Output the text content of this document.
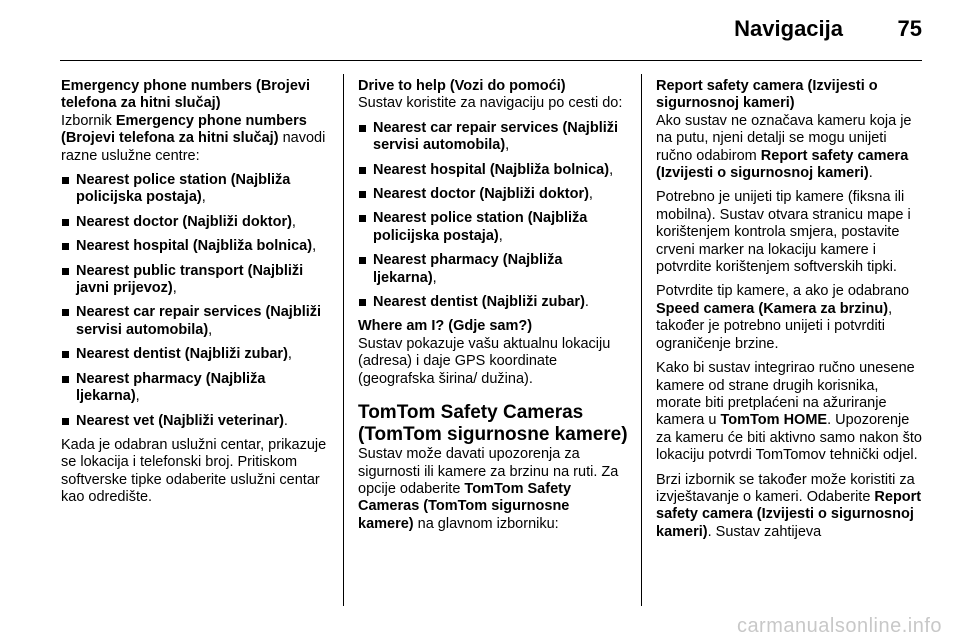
Navigacija 75
Emergency phone numbers (Brojevi telefona za hitni slučaj)

Izbornik Emergency phone numbers (Brojevi telefona za hitni slučaj) navodi razne uslužne centre:

Nearest police station (Najbliža policijska postaja),
Nearest doctor (Najbliži doktor),
Nearest hospital (Najbliža bolnica),
Nearest public transport (Najbliži javni prijevoz),
Nearest car repair services (Najbliži servisi automobila),
Nearest dentist (Najbliži zubar),
Nearest pharmacy (Najbliža ljekarna),
Nearest vet (Najbliži veterinar).

Kada je odabran uslužni centar, prikazuje se lokacija i telefonski broj. Pritiskom softverske tipke odaberite uslužni centar kao odredište.

Drive to help (Vozi do pomoći)

Sustav koristite za navigaciju po cesti do:

Nearest car repair services (Najbliži servisi automobila),
Nearest hospital (Najbliža bolnica),
Nearest doctor (Najbliži doktor),
Nearest police station (Najbliža policijska postaja),
Nearest pharmacy (Najbliža ljekarna),
Nearest dentist (Najbliži zubar).
Where am I? (Gdje sam?)

Sustav pokazuje vašu aktualnu lokaciju (adresa) i daje GPS koordinate (geografska širina/ dužina).

TomTom Safety Cameras (TomTom sigurnosne kamere)

Sustav može davati upozorenja za sigurnosti ili kamere za brzinu na ruti. Za opcije odaberite TomTom Safety Cameras (TomTom sigurnosne kamere) na glavnom izborniku:

Report safety camera (Izvijesti o sigurnosnoj kameri)

Ako sustav ne označava kameru koja je na putu, njeni detalji se mogu unijeti ručno odabirom Report safety camera (Izvijesti o sigurnosnoj kameri).

Potrebno je unijeti tip kamere (fiksna ili mobilna). Sustav otvara stranicu mape i korištenjem kontrola smjera, postavite crveni marker na lokaciju kamere i potvrdite korištenjem softverskih tipki.

Potvrdite tip kamere, a ako je odabrano Speed camera (Kamera za brzinu), također je potrebno unijeti i potvrditi ograničenje brzine.

Kako bi sustav integrirao ručno unesene kamere od strane drugih korisnika, morate biti pretplaćeni na ažuriranje kamera u TomTom HOME. Upozorenje za kameru će biti aktivno samo nakon što lokaciju potvrdi TomTomov tehnički odjel.

Brzi izbornik se također može koristiti za izvještavanje o kameri. Odaberite Report safety camera (Izvijesti o sigurnosnoj kameri). Sustav zahtijeva

carmanualsonline.info
